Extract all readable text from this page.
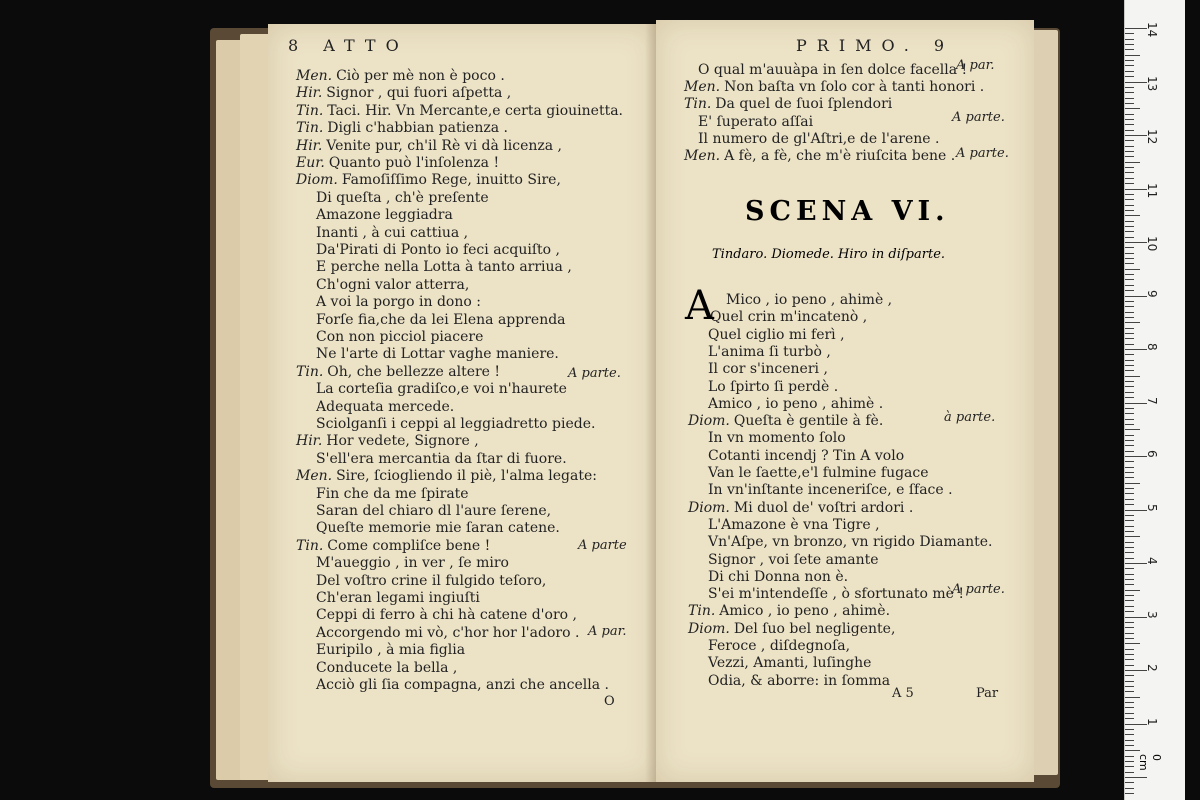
8 ATTO
Men. Ciò per mè non è poco .
Hir. Signor , qui fuori aſpetta ,
Tin. Taci. Hir. Vn Mercante,e certa giouinetta.
Tin. Digli c'habbian patienza .
Hir. Venite pur, ch'il Rè vi dà licenza ,
Eur. Quanto può l'inſolenza !
Diom. Famoſiſſimo Rege, inuitto Sire,
Di queſta , ch'è preſente
Amazone leggiadra
Inanti , à cui cattiua ,
Da'Pirati di Ponto io feci acquiſto ,
E perche nella Lotta à tanto arriua ,
Ch'ogni valor atterra,
A voi la porgo in dono :
Forſe fia,che da lei Elena apprenda
Con non picciol piacere
Ne l'arte di Lottar vaghe maniere.
Tin. Oh, che bellezze altere !
La corteſia gradiſco,e voi n'haurete
Adequata mercede.
Sciolganſi i ceppi al leggiadretto piede.
Hir. Hor vedete, Signore ,
S'ell'era mercantia da ſtar di fuore.
Men. Sire, ſciogliendo il piè, l'alma legate:
Fin che da me ſpirate
Saran del chiaro dl l'aure ſerene,
Queſte memorie mie ſaran catene.
Tin. Come compliſce bene !
M'aueggio , in ver , ſe miro
Del voſtro crine il fulgido teſoro,
Ch'eran legami ingiuſti
Ceppi di ferro à chi hà catene d'oro ,
Accorgendo mi vò, c'hor hor l'adoro .
Euripilo , à mia figlia
Conducete la bella ,
Acciò gli ſia compagna, anzi che ancella .
A parte.
A parte
A par.
O
PRIMO. 9
O qual m'auuàpa in ſen dolce facella !
Men. Non baſta vn ſolo cor à tanti honori .
Tin. Da quel de ſuoi ſplendori
E' ſuperato aſſai
Il numero de gl'Aſtri,e de l'arene .
Men. A fè, a fè, che m'è riuſcita bene .
Mico , io peno , ahimè ,
Quel crin m'incatenò ,
Quel ciglio mi ferì ,
L'anima ſi turbò ,
Il cor s'inceneri ,
Lo ſpirto ſi perdè .
Amico , io peno , ahimè .
Diom. Queſta è gentile à fè.
In vn momento ſolo
Cotanti incendj ? Tin A volo
Van le ſaette,e'l fulmine fugace
In vn'inſtante inceneriſce, e ſface .
Diom. Mi duol de' voſtri ardori .
L'Amazone è vna Tigre ,
Vn'Aſpe, vn bronzo, vn rigido Diamante.
Signor , voi ſete amante
Di chi Donna non è.
S'ei m'intendeſſe , ò sfortunato mè !
Tin. Amico , io peno , ahimè.
Diom. Del ſuo bel negligente,
Feroce , diſdegnoſa,
Vezzi, Amanti, luſinghe
Odia, & aborre: in ſomma
A par.
A parte.
A parte.
à parte.
A parte.
A 5	Par
SCENA VI.
Tindaro. Diomede. Hiro in diſparte.
A
0 cm
14
13
12
11
10
9
8
7
6
5
4
3
2
1
